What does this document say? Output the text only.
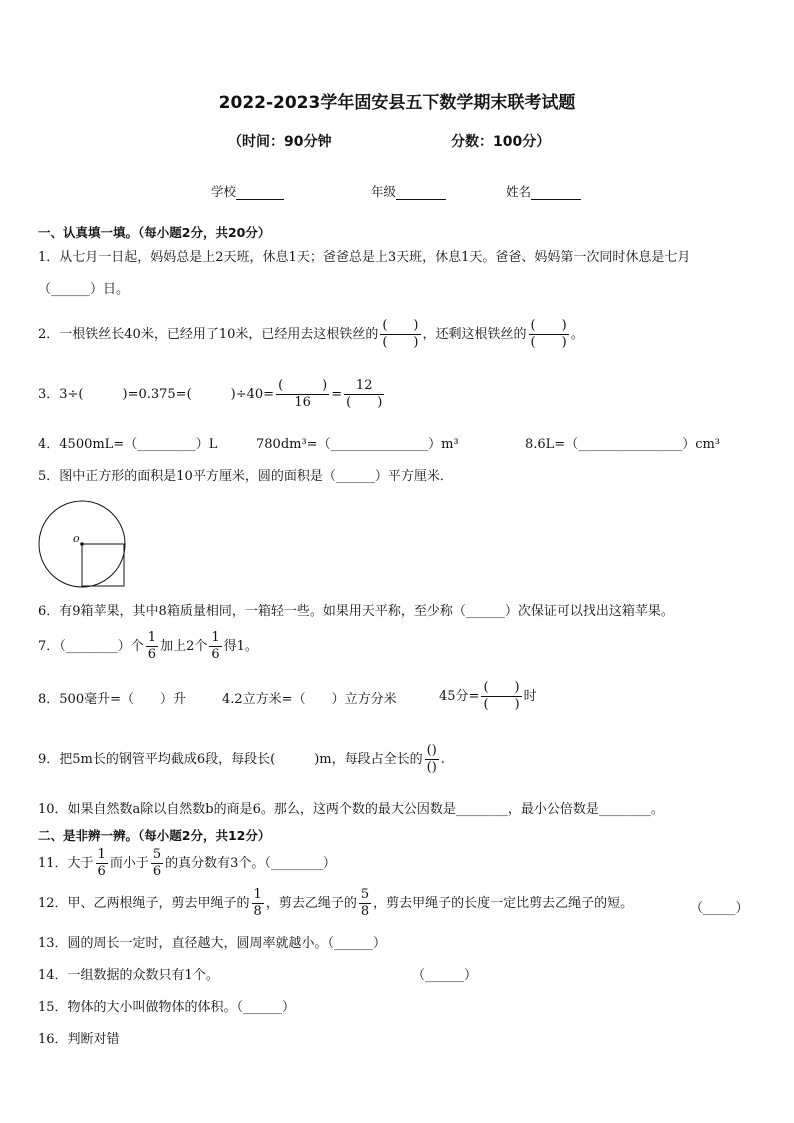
2022-2023学年固安县五下数学期末联考试题
（时间：90分钟	分数：100分）
学校	年级	姓名
一、认真填一填。（每小题2分，共20分）
1．从七月一日起，妈妈总是上2天班，休息1天；爸爸总是上3天班，休息1天。爸爸、妈妈第一次同时休息是七月
（______）日。
2．一根铁丝长40米，已经用了10米，已经用去这根铁丝的 $\frac{( )}{( )}$ ，还剩这根铁丝的 $\frac{( )}{( )}$ 。
3．3÷(　　　)=0.375=(　　　)$\div 40= \frac{( )}{16} = \frac{12}{( )}$
4．4500mL=（_________）L	780dm³=（_______________）m³	8.6L=（________________）cm³
5．图中正方形的面积是10平方厘米，圆的面积是（______）平方厘米．
o
6．有9箱苹果，其中8箱质量相同，一箱轻一些。如果用天平称，至少称（______）次保证可以找出这箱苹果。
7．（________）个 $\frac{1}{6}$ 加上2个 $\frac{1}{6}$ 得1。
8．500毫升=（　　）升	4.2立方米=（　　）立方分米	45分= $\frac{( )}{( )}$ 时
9．把5m长的钢管平均截成6段，每段长(　　　)m，每段占全长的 $\frac{()}{()}$ .
10．如果自然数a除以自然数b的商是6。那么，这两个数的最大公因数是________，最小公倍数是________。
二、是非辨一辨。（每小题2分，共12分）
11．大于 $\frac{1}{6}$ 而小于 $\frac{5}{6}$ 的真分数有3个。（________）
12．甲、乙两根绳子，剪去甲绳子的 $\frac{1}{8}$ ，剪去乙绳子的 $\frac{5}{8}$ ，剪去甲绳子的长度一定比剪去乙绳子的短。	（_____）
13．圆的周长一定时，直径越大，圆周率就越小。（______）
14．一组数据的众数只有1个。	（______）
15．物体的大小叫做物体的体积。（______）
16．判断对错
